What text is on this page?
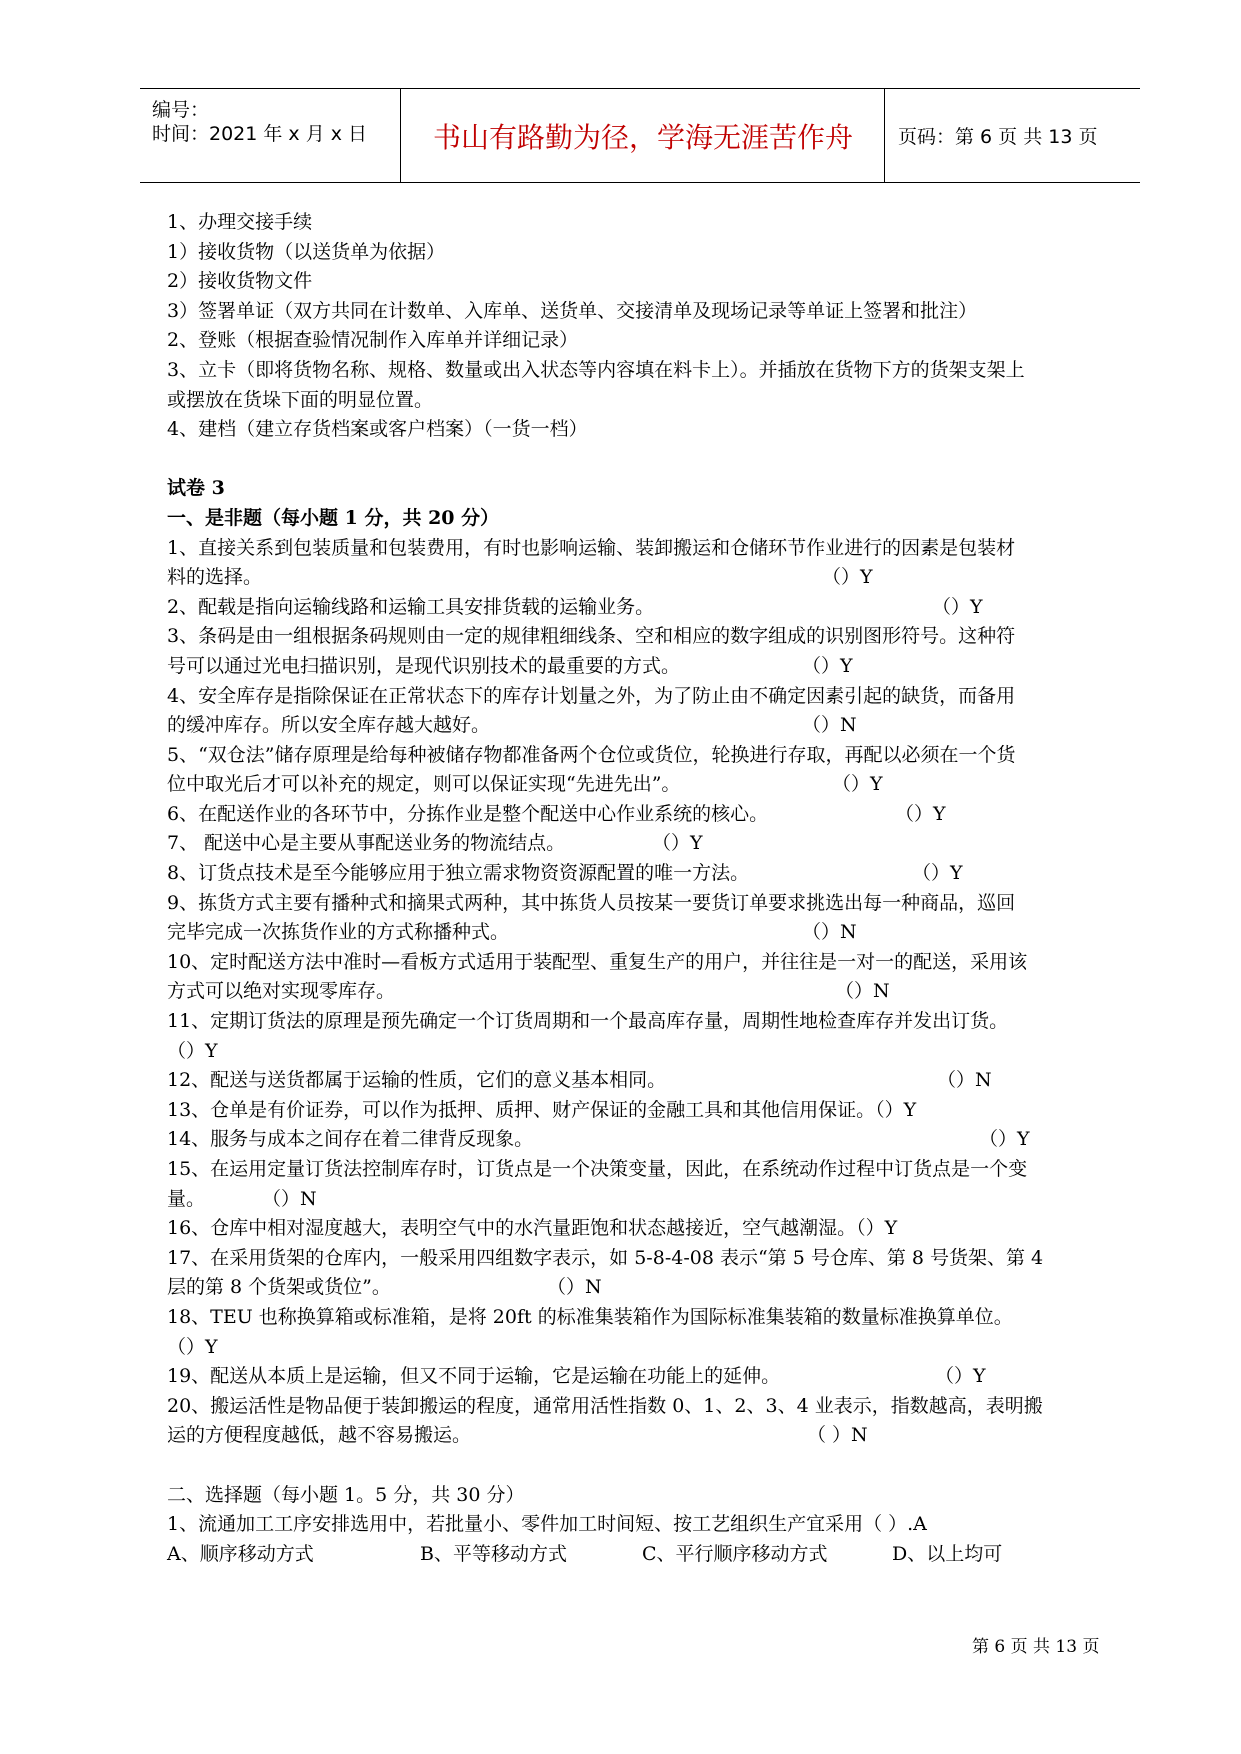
编号：
时间：2021 年 x 月 x 日	书山有路勤为径，学海无涯苦作舟	页码：第 6 页 共 13 页
1、办理交接手续
1）接收货物（以送货单为依据）
2）接收货物文件
3）签署单证（双方共同在计数单、入库单、送货单、交接清单及现场记录等单证上签署和批注）
2、登账（根据查验情况制作入库单并详细记录）
3、立卡（即将货物名称、规格、数量或出入状态等内容填在料卡上）。并插放在货物下方的货架支架上
或摆放在货垛下面的明显位置。
4、建档（建立存货档案或客户档案）（一货一档）
试卷 3
一、是非题（每小题 1 分，共 20 分）
1、直接关系到包装质量和包装费用，有时也影响运输、装卸搬运和仓储环节作业进行的因素是包装材
料的选择。	（）Y
2、配载是指向运输线路和运输工具安排货载的运输业务。	（）Y
3、条码是由一组根据条码规则由一定的规律粗细线条、空和相应的数字组成的识别图形符号。这种符
号可以通过光电扫描识别，是现代识别技术的最重要的方式。	（）Y
4、安全库存是指除保证在正常状态下的库存计划量之外，为了防止由不确定因素引起的缺货，而备用
的缓冲库存。所以安全库存越大越好。	（）N
5、“双仓法”储存原理是给每种被储存物都准备两个仓位或货位，轮换进行存取，再配以必须在一个货
位中取光后才可以补充的规定，则可以保证实现“先进先出”。	（）Y
6、在配送作业的各环节中，分拣作业是整个配送中心作业系统的核心。	（）Y
7、 配送中心是主要从事配送业务的物流结点。	（）Y
8、订货点技术是至今能够应用于独立需求物资资源配置的唯一方法。	（）Y
9、拣货方式主要有播种式和摘果式两种，其中拣货人员按某一要货订单要求挑选出每一种商品，巡回
完毕完成一次拣货作业的方式称播种式。	（）N
10、定时配送方法中准时—看板方式适用于装配型、重复生产的用户，并往往是一对一的配送，采用该
方式可以绝对实现零库存。	（）N
11、定期订货法的原理是预先确定一个订货周期和一个最高库存量，周期性地检查库存并发出订货。
（）Y
12、配送与送货都属于运输的性质，它们的意义基本相同。	（）N
13、仓单是有价证券，可以作为抵押、质押、财产保证的金融工具和其他信用保证。（）Y
14、服务与成本之间存在着二律背反现象。	（）Y
15、在运用定量订货法控制库存时，订货点是一个决策变量，因此，在系统动作过程中订货点是一个变
量。	（）N
16、仓库中相对湿度越大，表明空气中的水汽量距饱和状态越接近，空气越潮湿。（）Y
17、在采用货架的仓库内，一般采用四组数字表示，如 5-8-4-08 表示“第 5 号仓库、第 8 号货架、第 4
层的第 8 个货架或货位”。	（）N
18、TEU 也称换算箱或标准箱，是将 20ft 的标准集装箱作为国际标准集装箱的数量标准换算单位。
（）Y
19、配送从本质上是运输，但又不同于运输，它是运输在功能上的延伸。	（）Y
20、搬运活性是物品便于装卸搬运的程度，通常用活性指数 0、1、2、3、4 业表示，指数越高，表明搬
运的方便程度越低，越不容易搬运。	（ ）N
二、选择题（每小题 1。5 分，共 30 分）
1、流通加工工序安排选用中，若批量小、零件加工时间短、按工艺组织生产宜采用（ ）.A
A、顺序移动方式	B、平等移动方式	C、平行顺序移动方式	D、以上均可
第 6 页 共 13 页
